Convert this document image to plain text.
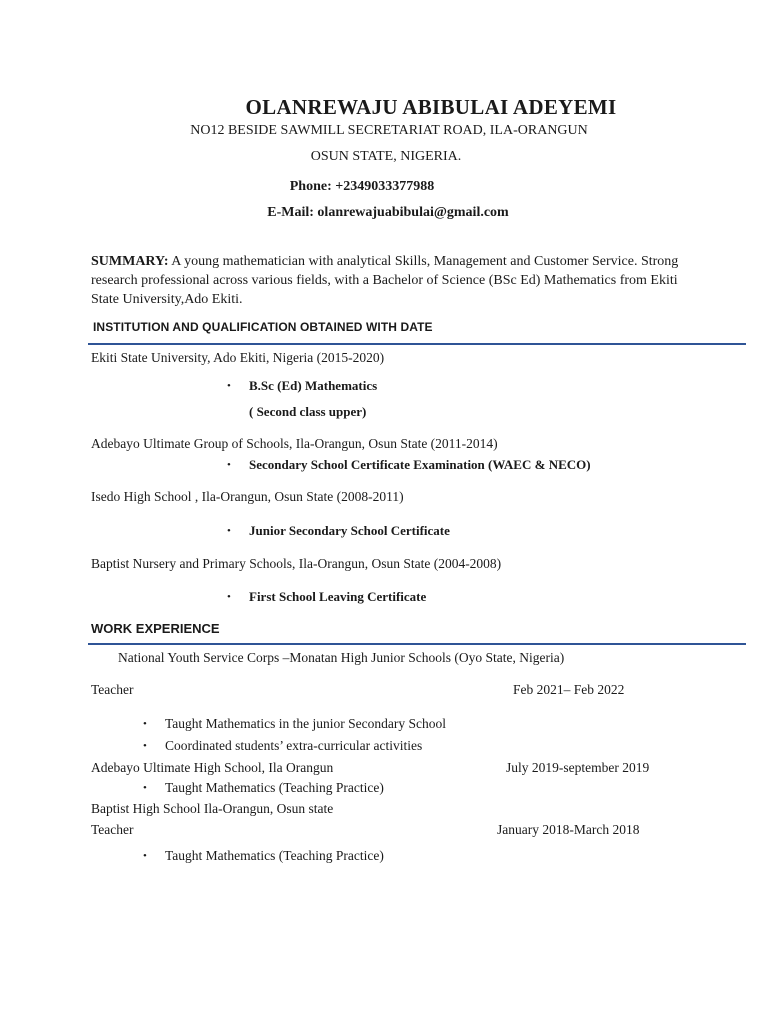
OLANREWAJU ABIBULAI ADEYEMI
NO12 BESIDE SAWMILL SECRETARIAT ROAD, ILA-ORANGUN
OSUN STATE, NIGERIA.
Phone: +2349033377988
E-Mail: olanrewajuabibulai@gmail.com
SUMMARY: A young mathematician with analytical Skills, Management and Customer Service. Strong research professional across various fields, with a Bachelor of Science (BSc Ed) Mathematics from Ekiti State University,Ado Ekiti.
INSTITUTION AND QUALIFICATION OBTAINED WITH DATE
Ekiti State University, Ado Ekiti, Nigeria (2015-2020)
• B.Sc (Ed) Mathematics
( Second class upper)
Adebayo Ultimate Group of Schools, Ila-Orangun, Osun State (2011-2014)
• Secondary School Certificate Examination (WAEC & NECO)
Isedo High School , Ila-Orangun, Osun State (2008-2011)
• Junior Secondary School Certificate
Baptist Nursery and Primary Schools, Ila-Orangun, Osun State (2004-2008)
• First School Leaving Certificate
WORK EXPERIENCE
National Youth Service Corps –Monatan High Junior Schools (Oyo State, Nigeria)
Teacher	Feb 2021– Feb 2022
• Taught Mathematics in the junior Secondary School
• Coordinated students’ extra-curricular activities
Adebayo Ultimate High School, Ila Orangun	July 2019-september 2019
• Taught Mathematics (Teaching Practice)
Baptist High School Ila-Orangun, Osun state
Teacher	January 2018-March 2018
• Taught Mathematics (Teaching Practice)
